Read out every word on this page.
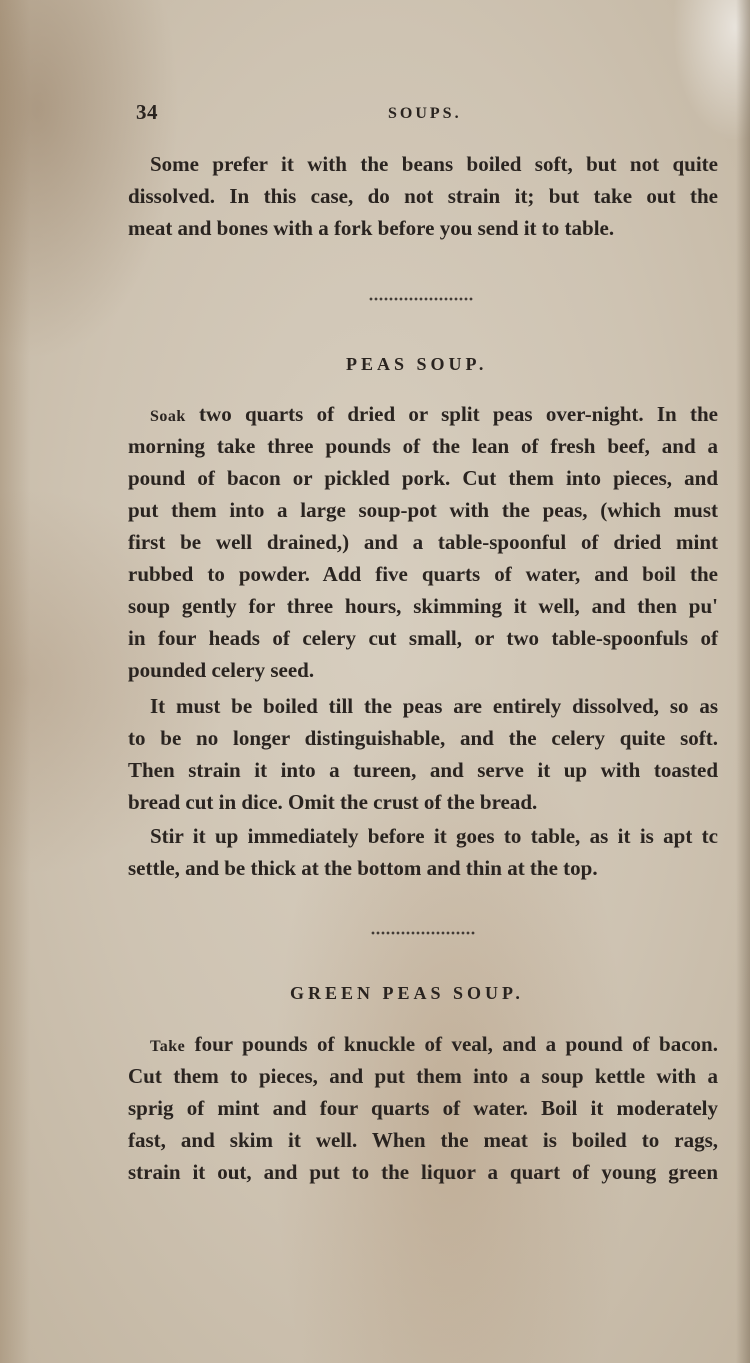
34	SOUPS.
Some prefer it with the beans boiled soft, but not quite
dissolved. In this case, do not strain it; but take out the
meat and bones with a fork before you send it to table.
PEAS SOUP.
Soak two quarts of dried or split peas over-night. In the
morning take three pounds of the lean of fresh beef, and a
pound of bacon or pickled pork. Cut them into pieces, and
put them into a large soup-pot with the peas, (which must
first be well drained,) and a table-spoonful of dried mint
rubbed to powder. Add five quarts of water, and boil the
soup gently for three hours, skimming it well, and then pu'
in four heads of celery cut small, or two table-spoonfuls of
pounded celery seed.
It must be boiled till the peas are entirely dissolved, so as
to be no longer distinguishable, and the celery quite soft.
Then strain it into a tureen, and serve it up with toasted
bread cut in dice. Omit the crust of the bread.
Stir it up immediately before it goes to table, as it is apt tc
settle, and be thick at the bottom and thin at the top.
GREEN PEAS SOUP.
Take four pounds of knuckle of veal, and a pound of bacon.
Cut them to pieces, and put them into a soup kettle with a
sprig of mint and four quarts of water. Boil it moderately
fast, and skim it well. When the meat is boiled to rags,
strain it out, and put to the liquor a quart of young green
